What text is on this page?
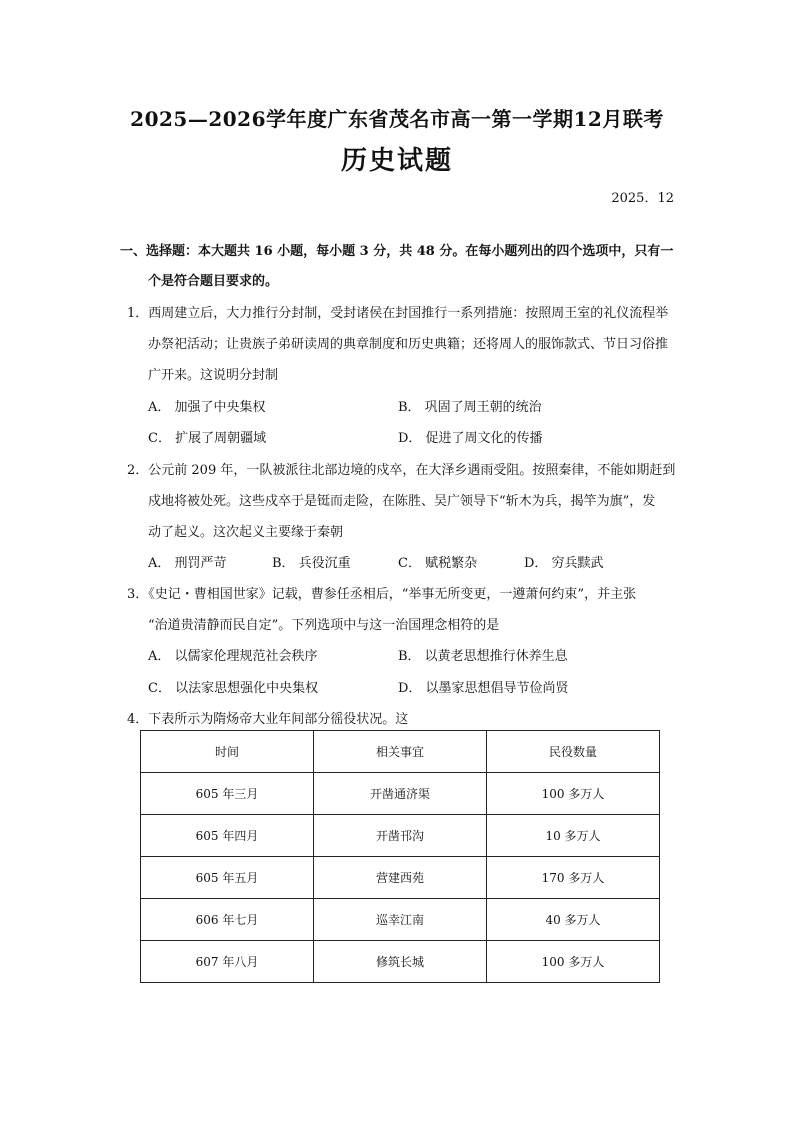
2025—2026学年度广东省茂名市高一第一学期12月联考
历史试题
2025．12
一、选择题：本大题共 16 小题，每小题 3 分，共 48 分。在每小题列出的四个选项中，只有一
个是符合题目要求的。
1．西周建立后，大力推行分封制，受封诸侯在封国推行一系列措施：按照周王室的礼仪流程举
办祭祀活动；让贵族子弟研读周的典章制度和历史典籍；还将周人的服饰款式、节日习俗推
广开来。这说明分封制
A． 加强了中央集权	B． 巩固了周王朝的统治
C． 扩展了周朝疆域	D． 促进了周文化的传播
2．公元前 209 年，一队被派往北部边境的戍卒，在大泽乡遇雨受阻。按照秦律，不能如期赶到
戍地将被处死。这些戍卒于是铤而走险，在陈胜、吴广领导下“斩木为兵，揭竿为旗”，发
动了起义。这次起义主要缘于秦朝
A． 刑罚严苛	B． 兵役沉重	C． 赋税繁杂	D． 穷兵黩武
3．《史记・曹相国世家》记载，曹参任丞相后，“举事无所变更，一遵萧何约束”，并主张
“治道贵清静而民自定”。下列选项中与这一治国理念相符的是
A． 以儒家伦理规范社会秩序	B． 以黄老思想推行休养生息
C． 以法家思想强化中央集权	D． 以墨家思想倡导节俭尚贤
4．下表所示为隋炀帝大业年间部分徭役状况。这
时间	相关事宜	民役数量
605 年三月	开凿通济渠	100 多万人
605 年四月	开凿邗沟	10 多万人
605 年五月	营建西苑	170 多万人
606 年七月	巡幸江南	40 多万人
607 年八月	修筑长城	100 多万人
